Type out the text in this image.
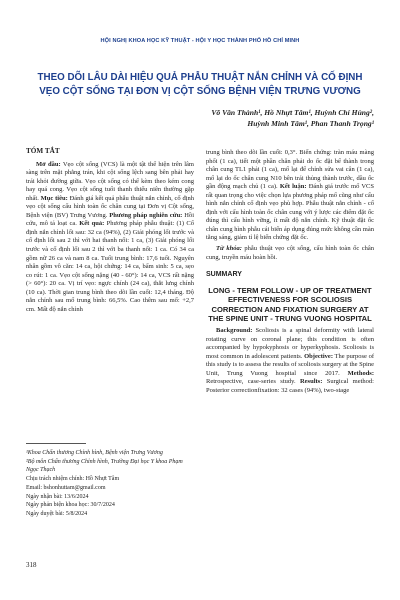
HỘI NGHỊ KHOA HỌC KỸ THUẬT - HỘI Y HỌC THÀNH PHỐ HỒ CHÍ MINH
THEO DÕI LÂU DÀI HIỆU QUẢ PHẪU THUẬT NẮN CHỈNH VÀ CỐ ĐỊNH
VẸO CỘT SỐNG TẠI ĐƠN VỊ CỘT SỐNG BỆNH VIỆN TRƯNG VƯƠNG
Võ Văn Thành¹, Hồ Nhựt Tâm¹, Huỳnh Chí Hùng²,
Huỳnh Minh Tâm¹, Phan Thanh Trọng¹
TÓM TẮT

Mở đầu: Vẹo cột sống (VCS) là một tật thể hiện trên lâm sàng trên mặt phẳng trán, khi cột sống lệch sang bên phải hay trái khỏi đường giữa. Vẹo cột sống có thể kèm theo kém cong hay quá cong. Vẹo cột sống tuổi thanh thiếu niên thường gặp nhất. Mục tiêu: Đánh giá kết quả phẫu thuật nắn chỉnh, cố định vẹo cột sống cấu hình toàn ốc chân cung tại Đơn vị Cột sống, Bệnh viện (BV) Trưng Vương. Phương pháp nghiên cứu: Hồi cứu, mô tả loạt ca. Kết quả: Phương pháp phẫu thuật: (1) Cố định nắn chỉnh lối sau: 32 ca (94%), (2) Giải phóng lối trước và cố định lối sau 2 thì với hai thanh nối: 1 ca, (3) Giải phóng lối trước và cố định lối sau 2 thì với ba thanh nối: 1 ca. Có 34 ca gồm nữ 26 ca và nam 8 ca. Tuổi trung bình: 17,6 tuổi. Nguyên nhân gồm vô căn: 14 ca, hội chứng: 14 ca, bẩm sinh: 5 ca, sẹo co rút: 1 ca. Vẹo cột sống nặng (40 - 60°): 14 ca, VCS rất nặng (> 60°): 20 ca. Vị trí vẹo: ngực chính (24 ca), thắt lưng chính (10 ca). Thời gian trung bình theo dõi lần cuối: 12,4 tháng. Độ nắn chỉnh sau mổ trung bình: 66,5%. Cao thêm sau mổ: +2,7 cm. Mất độ nắn chỉnh

¹Khoa Chấn thương Chỉnh hình, Bệnh viện Trưng Vương
²Bộ môn Chấn thương Chỉnh hình, Trường Đại học Y khoa Phạm Ngọc Thạch
Chịu trách nhiệm chính: Hồ Nhựt Tâm
Email: bshonhuttam@gmail.com
Ngày nhận bài: 13/6/2024
Ngày phản biện khoa học: 30/7/2024
Ngày duyệt bài: 5/8/2024

trung bình theo dõi lần cuối: 0,3°. Biến chứng: tràn máu màng phổi (1 ca), tiết một phần chân phải do ốc đặt bể thành trong chân cung TL1 phải (1 ca), mổ lại để chỉnh sửa vai cân (1 ca), mổ lại do ốc chân cung N10 bên trái thủng thành trước, dầu ốc gần động mạch chủ (1 ca). Kết luận: Đánh giá trước mổ VCS rất quan trọng cho việc chọn lựa phương pháp mổ cũng như cấu hình nắn chỉnh cố định vẹo phù hợp. Phẫu thuật nắn chỉnh - cố định với cấu hình toàn ốc chân cung với ý lược các điểm đặt ốc đúng thì cấu hình vững, ít mất độ nắn chỉnh. Kỹ thuật đặt ốc chân cung hình phẫu cái biến áp dụng đúng mức không cần màn tăng sáng, giảm tỉ lệ biến chứng đặt ốc.

Từ khóa: phẫu thuật vẹo cột sống, cấu hình toàn ốc chân cung, truyền máu hoàn hồi.

SUMMARY
LONG - TERM FOLLOW - UP OF TREATMENT EFFECTIVENESS FOR SCOLIOSIS CORRECTION AND FIXATION SURGERY AT THE SPINE UNIT - TRUNG VUONG HOSPITAL

Background: Scoliosis is a spinal deformity with lateral rotating curve on coronal plane; this condition is often accompanied by hypokyphosis or hyperkyphosis. Scoliosis is most common in adolescent patients. Objective: The purpose of this study is to assess the results of scoliosis surgery at the Spine Unit, Trung Vuong hospital since 2017. Methods: Retrospective, case-series study. Results: Surgical method: Posterior correctionfixation: 32 cases (94%), two-stage

318
